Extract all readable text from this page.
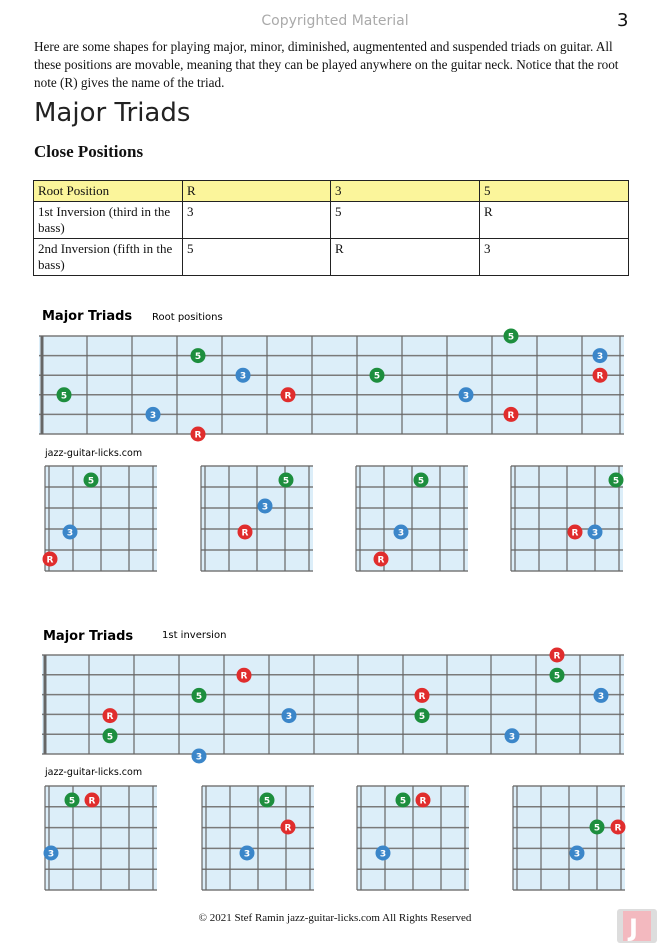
Copyrighted Material	3
Here are some shapes for playing major, minor, diminished, augmentented and suspended triads on guitar. All these positions are movable, meaning that they can be played anywhere on the guitar neck. Notice that the root note (R) gives the name of the triad.
Major Triads
Close Positions
Root Position	R	3	5
1st Inversion (third in the bass)	3	5	R
2nd Inversion (fifth in the bass)	5	R	3
5
3
R
5
3
R
5
3
R
5
3
R
5
3
R
5
3
R
5
3
R
5
3
R
R
5
3
5
R
3
R
5
3
R
5
3
5 R
3
5
R
3
5 R
3
5 R
3
Major Triads Root positions
jazz-guitar-licks.com
Major Triads	1st inversion
jazz-guitar-licks.com
© 2021 Stef Ramin jazz-guitar-licks.com All Rights Reserved	J
